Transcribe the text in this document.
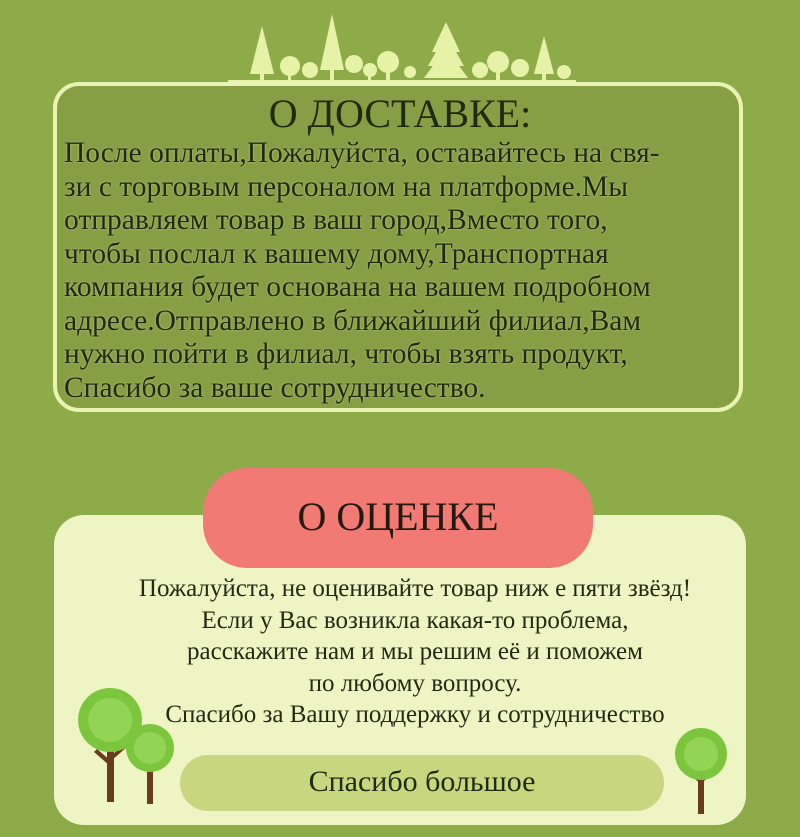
О ДОСТАВКЕ:
После оплаты,Пожалуйста, оставайтесь на свя-
зи с торговым персоналом на платформе.Мы
отправляем товар в ваш город,Вместо того,
чтобы послал к вашему дому,Транспортная
компания будет основана на вашем подробном
адресе.Отправлено в ближайший филиал,Вам
нужно пойти в филиал, чтобы взять продукт,
Спасибо за ваше сотрудничество.
О ОЦЕНКЕ
Пожалуйста, не оценивайте товар ниж е пяти звёзд!
Если у Вас возникла какая-то проблема,
расскажите нам и мы решим её и поможем
по любому вопросу.
Спасибо за Вашу поддержку и сотрудничество
Спасибо большое
